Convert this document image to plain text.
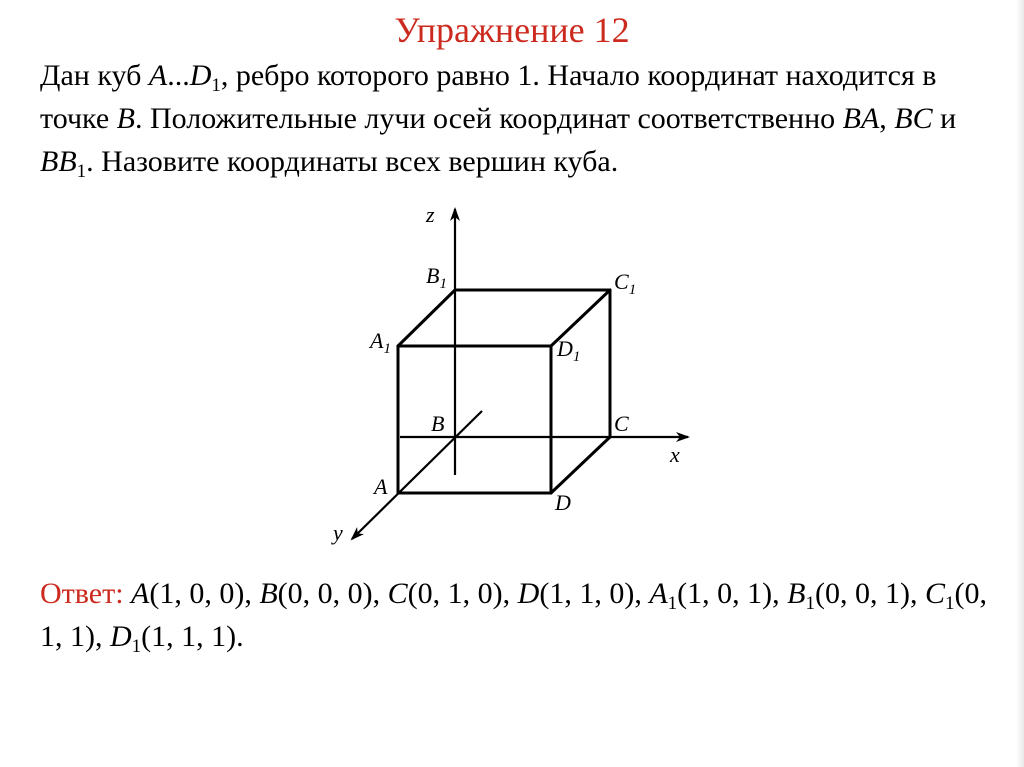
Упражнение 12
Дан куб $A...D_1$, ребро которого равно 1. Начало координат находится в точке B. Положительные лучи осей координат соответственно BA, BC и $BB_1$. Назовите координаты всех вершин куба.
z
x
y
$B_1$	$C_1$
$A_1$	$D_1$
B	C
A
D
Ответ: A(1, 0, 0), B(0, 0, 0), C(0, 1, 0), D(1, 1, 0), $A_1(1$, 0, 1), $B_1(0$, 0, 1), $C_1(0$, 1, 1), $D_1(1$, 1, 1).
